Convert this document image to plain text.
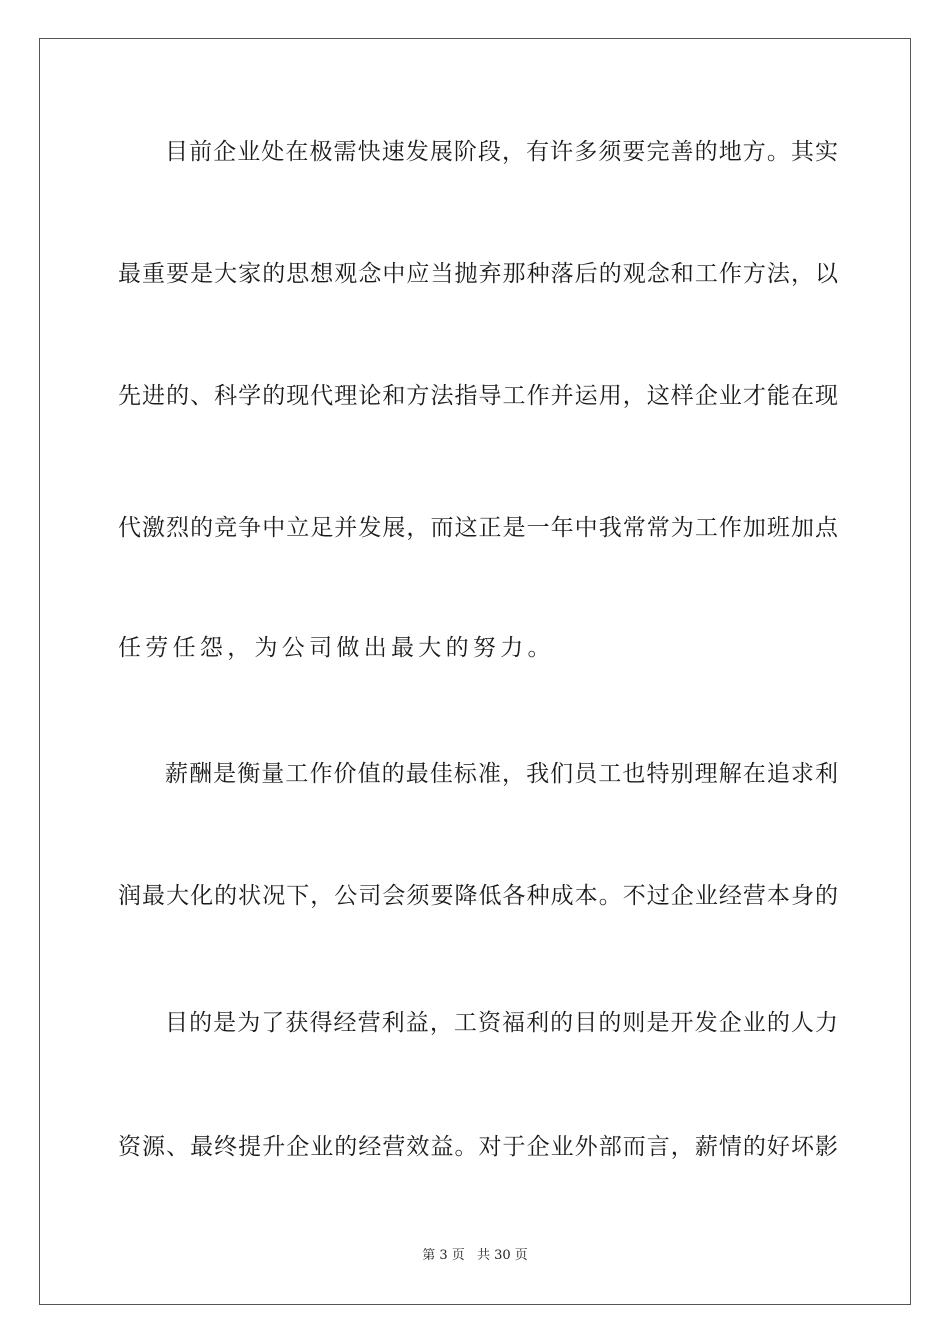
目前企业处在极需快速发展阶段，有许多须要完善的地方。其实
最重要是大家的思想观念中应当抛弃那种落后的观念和工作方法，以
先进的、科学的现代理论和方法指导工作并运用，这样企业才能在现
代激烈的竞争中立足并发展，而这正是一年中我常常为工作加班加点
任劳任怨，为公司做出最大的努力。
薪酬是衡量工作价值的最佳标准，我们员工也特别理解在追求利
润最大化的状况下，公司会须要降低各种成本。不过企业经营本身的
目的是为了获得经营利益，工资福利的目的则是开发企业的人力
资源、最终提升企业的经营效益。对于企业外部而言，薪情的好坏影
第 3 页 共 30 页
